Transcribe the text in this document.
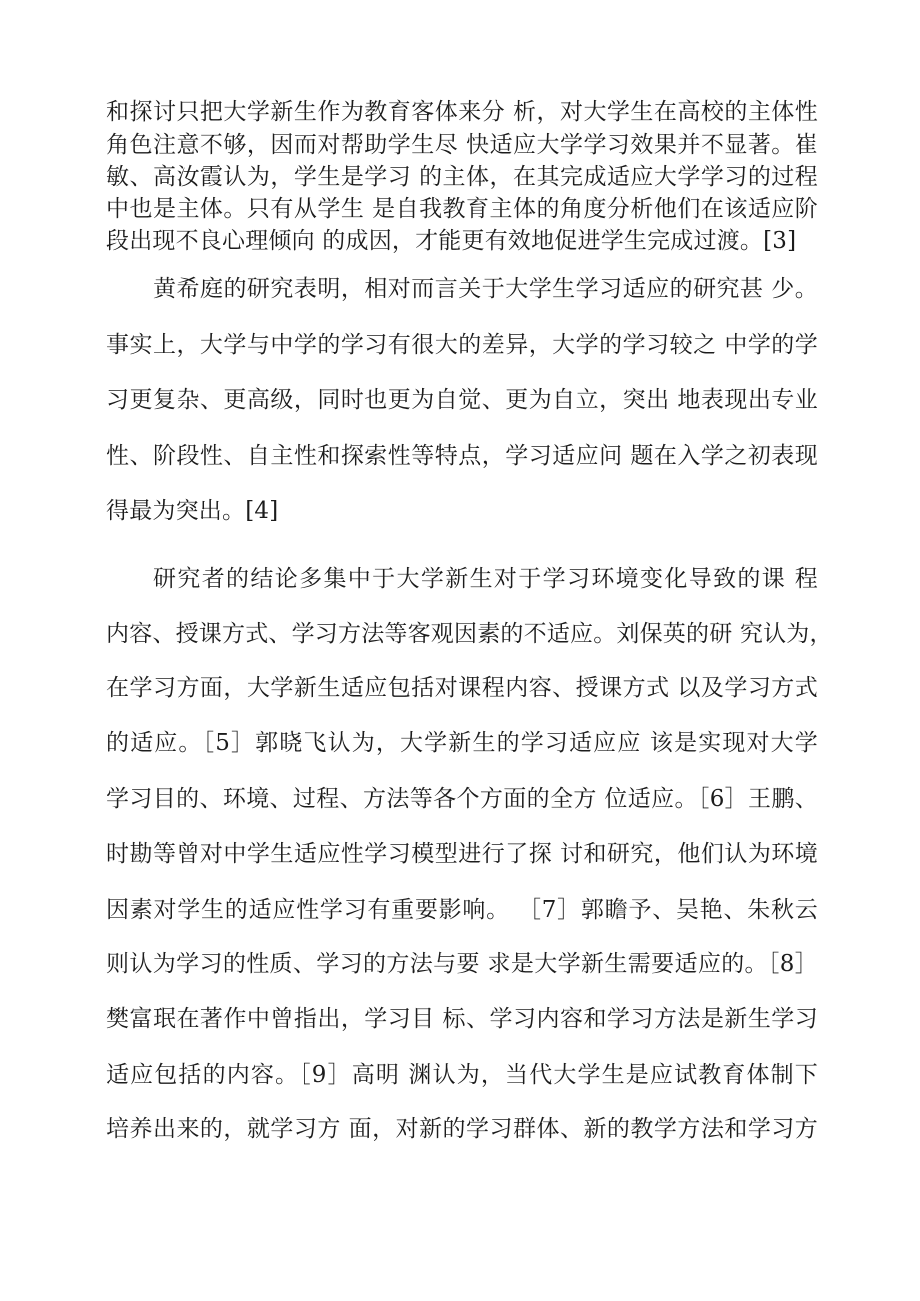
和探讨只把大学新生作为教育客体来分 析，对大学生在高校的主体性
角色注意不够，因而对帮助学生尽 快适应大学学习效果并不显著。崔
敏、高汝霞认为，学生是学习 的主体，在其完成适应大学学习的过程
中也是主体。只有从学生 是自我教育主体的角度分析他们在该适应阶
段出现不良心理倾向 的成因，才能更有效地促进学生完成过渡。[3]
黄希庭的研究表明，相对而言关于大学生学习适应的研究甚 少。
事实上，大学与中学的学习有很大的差异，大学的学习较之 中学的学
习更复杂、更高级，同时也更为自觉、更为自立，突出 地表现出专业
性、阶段性、自主性和探索性等特点，学习适应问 题在入学之初表现
得最为突出。[4]
研究者的结论多集中于大学新生对于学习环境变化导致的课 程
内容、授课方式、学习方法等客观因素的不适应。刘保英的研 究认为，
在学习方面，大学新生适应包括对课程内容、授课方式 以及学习方式
的适应。［5］郭晓飞认为，大学新生的学习适应应 该是实现对大学
学习目的、环境、过程、方法等各个方面的全方 位适应。［6］王鹏、
时勘等曾对中学生适应性学习模型进行了探 讨和研究，他们认为环境
因素对学生的适应性学习有重要影响。 ［7］郭瞻予、吴艳、朱秋云
则认为学习的性质、学习的方法与要 求是大学新生需要适应的。［8］
樊富珉在著作中曾指出，学习目 标、学习内容和学习方法是新生学习
适应包括的内容。［9］高明 渊认为，当代大学生是应试教育体制下
培养出来的，就学习方 面，对新的学习群体、新的教学方法和学习方
